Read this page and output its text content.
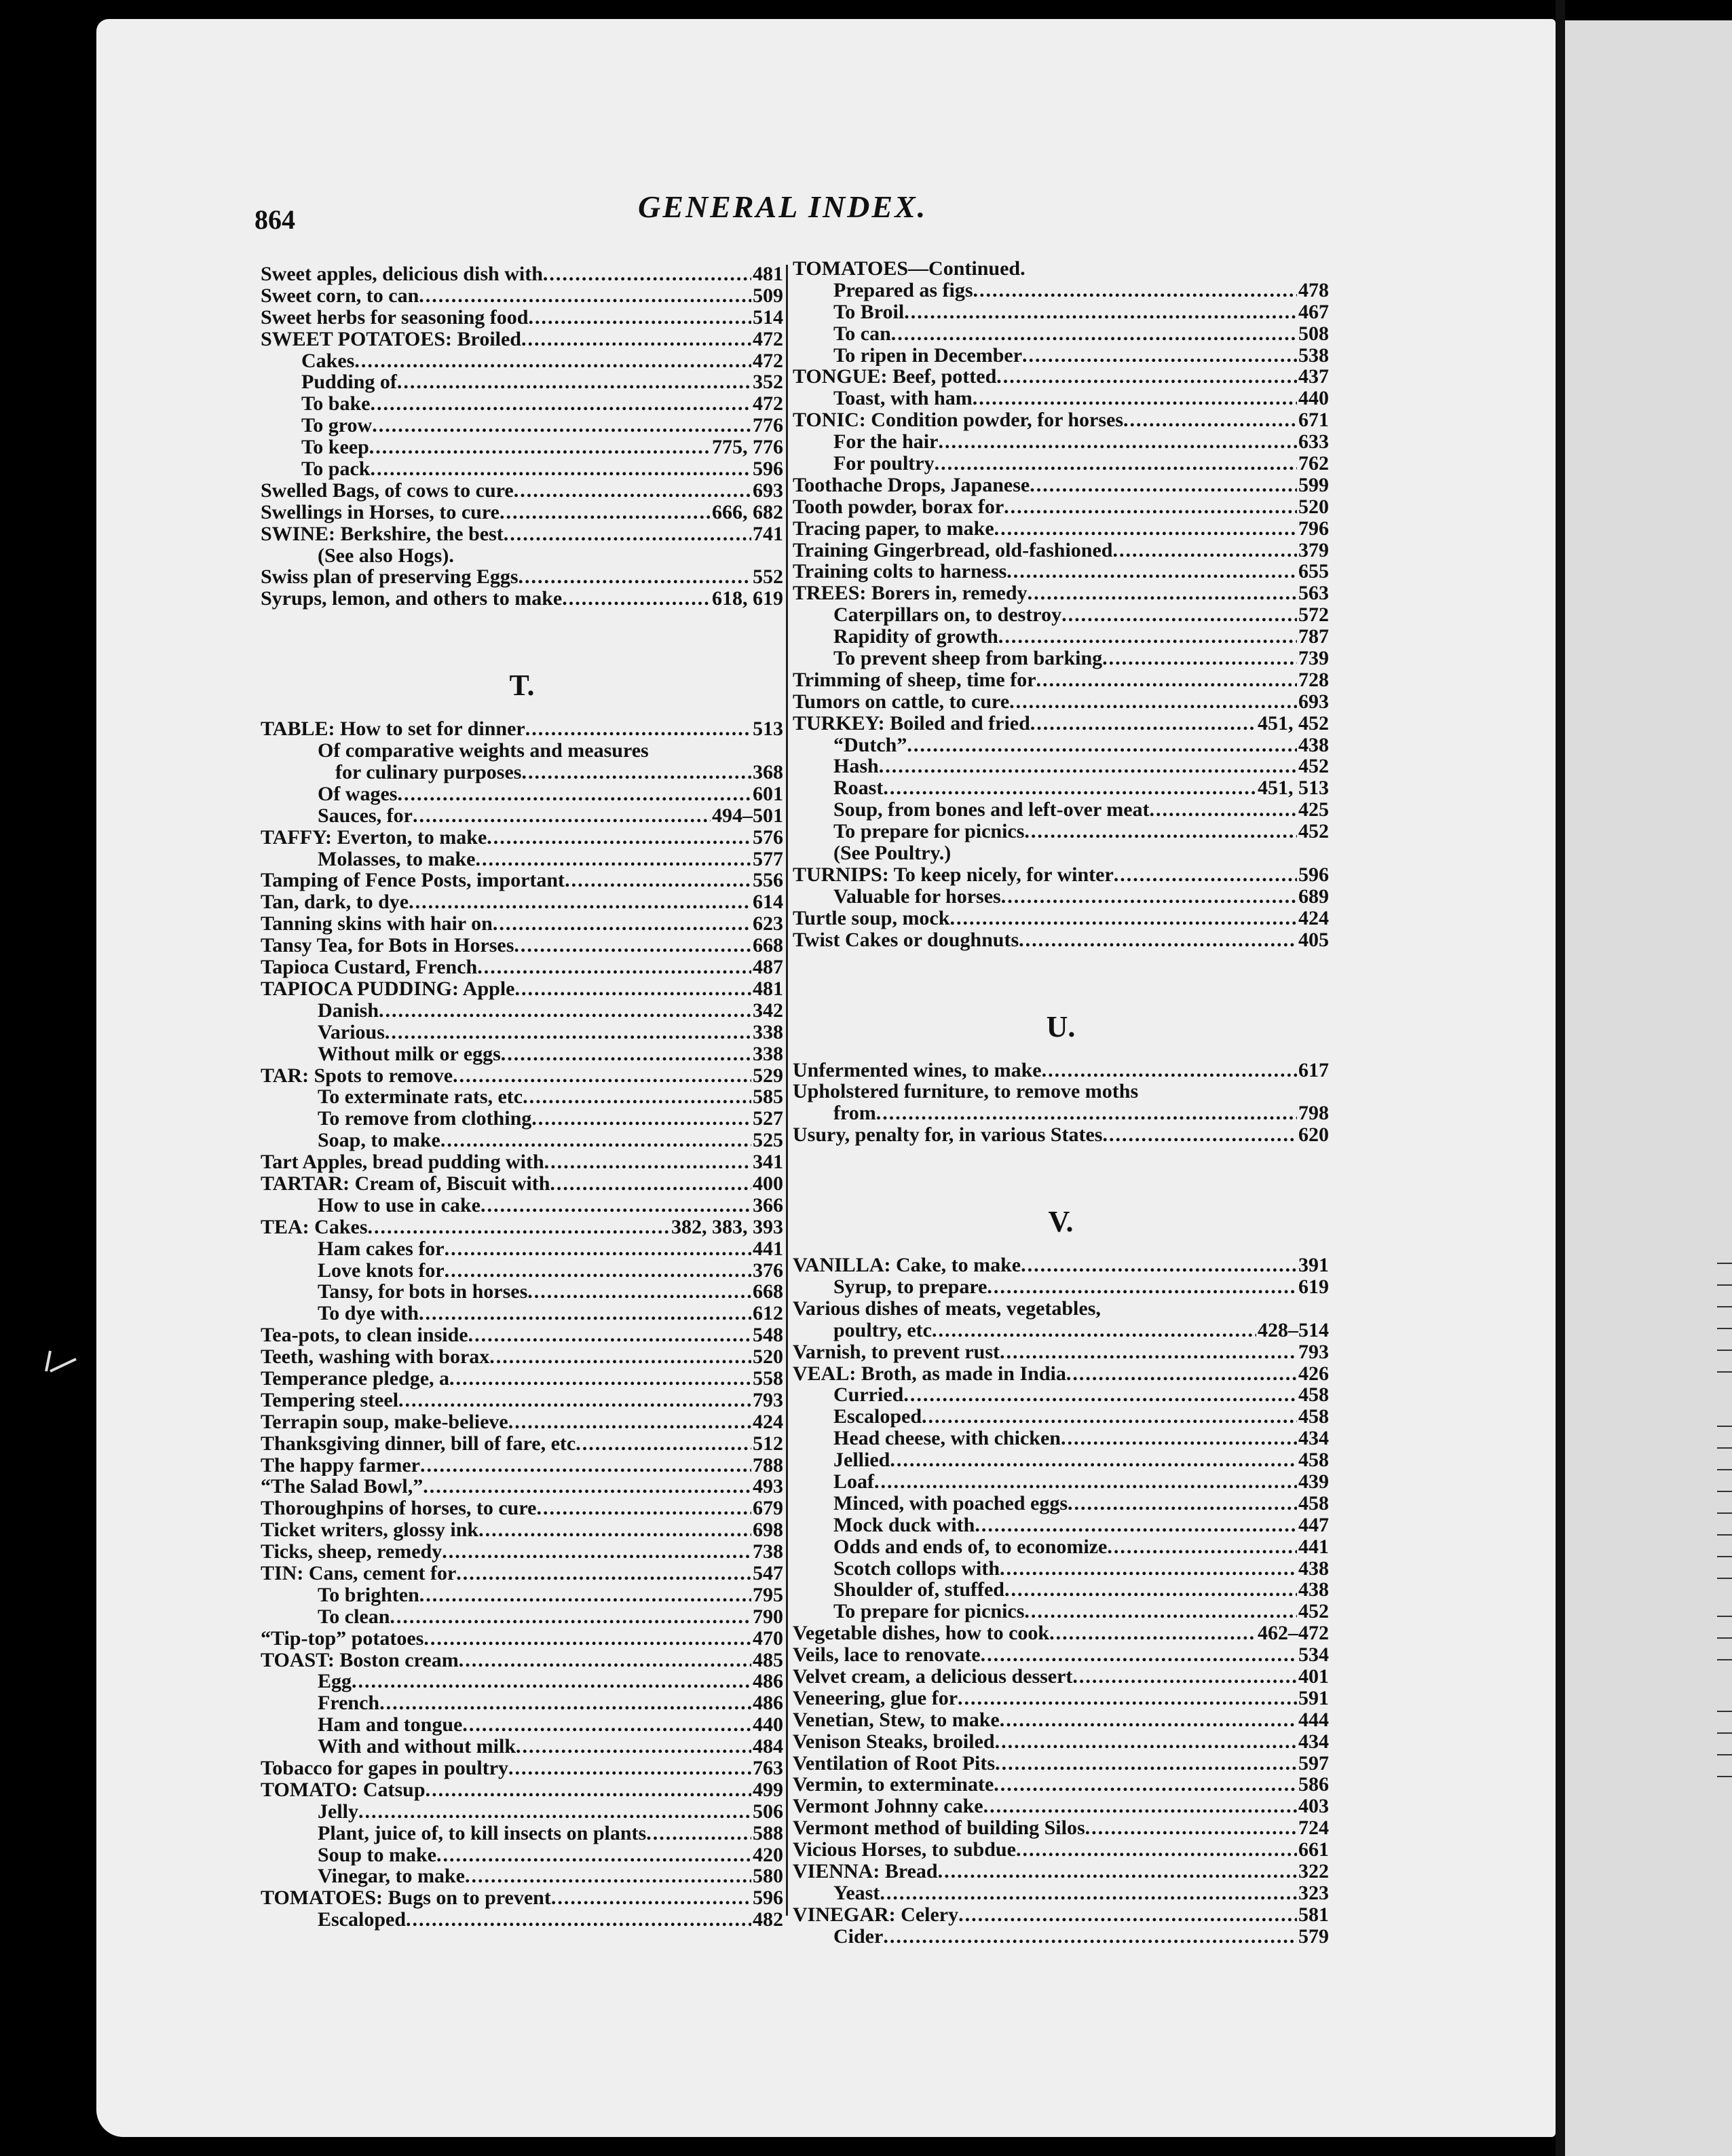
864	GENERAL INDEX.
Sweet apples, delicious dish with .....	481
Sweet corn, to can .....	509
Sweet herbs for seasoning food .....	514
SWEET POTATOES: Broiled .....	472
Cakes .....	472
Pudding of .....	352
To bake .....	472
To grow .....	776
To keep .....	775, 776
To pack .....	596
Swelled Bags, of cows to cure .....	693
Swellings in Horses, to cure .....	666, 682
SWINE: Berkshire, the best .....	741
(See also Hogs).
Swiss plan of preserving Eggs .....	552
Syrups, lemon, and others to make .....	618, 619
T.
TABLE: How to set for dinner .....	513
Of comparative weights and measures
for culinary purposes .....	368
Of wages .....	601
Sauces, for .....	494–501
TAFFY: Everton, to make .....	576
Molasses, to make .....	577
Tamping of Fence Posts, important .....	556
Tan, dark, to dye .....	614
Tanning skins with hair on .....	623
Tansy Tea, for Bots in Horses .....	668
Tapioca Custard, French .....	487
TAPIOCA PUDDING: Apple .....	481
Danish .....	342
Various .....	338
Without milk or eggs .....	338
TAR: Spots to remove .....	529
To exterminate rats, etc .....	585
To remove from clothing .....	527
Soap, to make .....	525
Tart Apples, bread pudding with .....	341
TARTAR: Cream of, Biscuit with .....	400
How to use in cake .....	366
TEA: Cakes .....	382, 383, 393
Ham cakes for .....	441
Love knots for .....	376
Tansy, for bots in horses .....	668
To dye with .....	612
Tea-pots, to clean inside .....	548
Teeth, washing with borax .....	520
Temperance pledge, a .....	558
Tempering steel .....	793
Terrapin soup, make-believe .....	424
Thanksgiving dinner, bill of fare, etc .....	512
The happy farmer .....	788
“The Salad Bowl,” .....	493
Thoroughpins of horses, to cure .....	679
Ticket writers, glossy ink .....	698
Ticks, sheep, remedy .....	738
TIN: Cans, cement for .....	547
To brighten .....	795
To clean .....	790
“Tip-top” potatoes .....	470
TOAST: Boston cream .....	485
Egg .....	486
French .....	486
Ham and tongue .....	440
With and without milk .....	484
Tobacco for gapes in poultry .....	763
TOMATO: Catsup .....	499
Jelly .....	506
Plant, juice of, to kill insects on plants .....	588
Soup to make .....	420
Vinegar, to make .....	580
TOMATOES: Bugs on to prevent .....	596
Escaloped .....	482
TOMATOES—Continued.
Prepared as figs .....	478
To Broil .....	467
To can .....	508
To ripen in December .....	538
TONGUE: Beef, potted .....	437
Toast, with ham .....	440
TONIC: Condition powder, for horses .....	671
For the hair .....	633
For poultry .....	762
Toothache Drops, Japanese .....	599
Tooth powder, borax for .....	520
Tracing paper, to make .....	796
Training Gingerbread, old-fashioned .....	379
Training colts to harness .....	655
TREES: Borers in, remedy .....	563
Caterpillars on, to destroy .....	572
Rapidity of growth .....	787
To prevent sheep from barking .....	739
Trimming of sheep, time for .....	728
Tumors on cattle, to cure .....	693
TURKEY: Boiled and fried .....	451, 452
“Dutch” .....	438
Hash .....	452
Roast .....	451, 513
Soup, from bones and left-over meat .....	425
To prepare for picnics .....	452
(See Poultry.)
TURNIPS: To keep nicely, for winter .....	596
Valuable for horses .....	689
Turtle soup, mock .....	424
Twist Cakes or doughnuts .....	405
U.
Unfermented wines, to make .....	617
Upholstered furniture, to remove moths
from .....	798
Usury, penalty for, in various States .....	620
V.
VANILLA: Cake, to make .....	391
Syrup, to prepare .....	619
Various dishes of meats, vegetables,
poultry, etc .....	428–514
Varnish, to prevent rust .....	793
VEAL: Broth, as made in India .....	426
Curried .....	458
Escaloped .....	458
Head cheese, with chicken .....	434
Jellied .....	458
Loaf .....	439
Minced, with poached eggs .....	458
Mock duck with .....	447
Odds and ends of, to economize .....	441
Scotch collops with .....	438
Shoulder of, stuffed .....	438
To prepare for picnics .....	452
Vegetable dishes, how to cook .....	462–472
Veils, lace to renovate .....	534
Velvet cream, a delicious dessert .....	401
Veneering, glue for .....	591
Venetian, Stew, to make .....	444
Venison Steaks, broiled .....	434
Ventilation of Root Pits .....	597
Vermin, to exterminate .....	586
Vermont Johnny cake .....	403
Vermont method of building Silos .....	724
Vicious Horses, to subdue .....	661
VIENNA: Bread .....	322
Yeast .....	323
VINEGAR: Celery .....	581
Cider .....	579
